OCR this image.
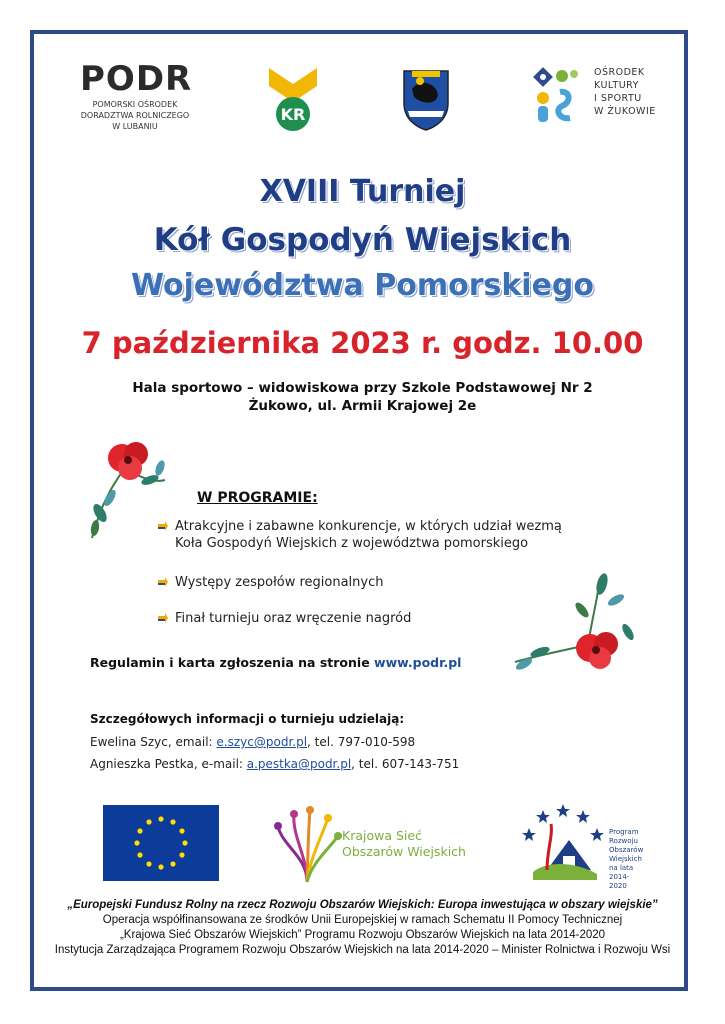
PODR
POMORSKI OŚRODEK
DORADZTWA ROLNICZEGO
W LUBANIU
KR
OŚRODEK
KULTURY
I SPORTU
W ŻUKOWIE
XVIII Turniej
Kół Gospodyń Wiejskich
Województwa Pomorskiego
7 października 2023 r. godz. 10.00
Hala sportowo – widowiskowa przy Szkole Podstawowej Nr 2
Żukowo, ul. Armii Krajowej 2e
W PROGRAMIE:
Atrakcyjne i zabawne konkurencje, w których udział wezmą
Koła Gospodyń Wiejskich z województwa pomorskiego
Występy zespołów regionalnych
Finał turnieju oraz wręczenie nagród
Regulamin i karta zgłoszenia na stronie www.podr.pl
Szczegółowych informacji o turnieju udzielają:
Ewelina Szyc, email: e.szyc@podr.pl, tel. 797-010-598
Agnieszka Pestka, e-mail: a.pestka@podr.pl, tel. 607-143-751
Krajowa Sieć
Obszarów Wiejskich
Program
Rozwoju
Obszarów
Wiejskich
na lata 2014-2020
„Europejski Fundusz Rolny na rzecz Rozwoju Obszarów Wiejskich: Europa inwestująca w obszary wiejskie”
Operacja współfinansowana ze środków Unii Europejskiej w ramach Schematu II Pomocy Technicznej
„Krajowa Sieć Obszarów Wiejskich” Programu Rozwoju Obszarów Wiejskich na lata 2014-2020
Instytucja Zarządzająca Programem Rozwoju Obszarów Wiejskich na lata 2014-2020 – Minister Rolnictwa i Rozwoju Wsi
